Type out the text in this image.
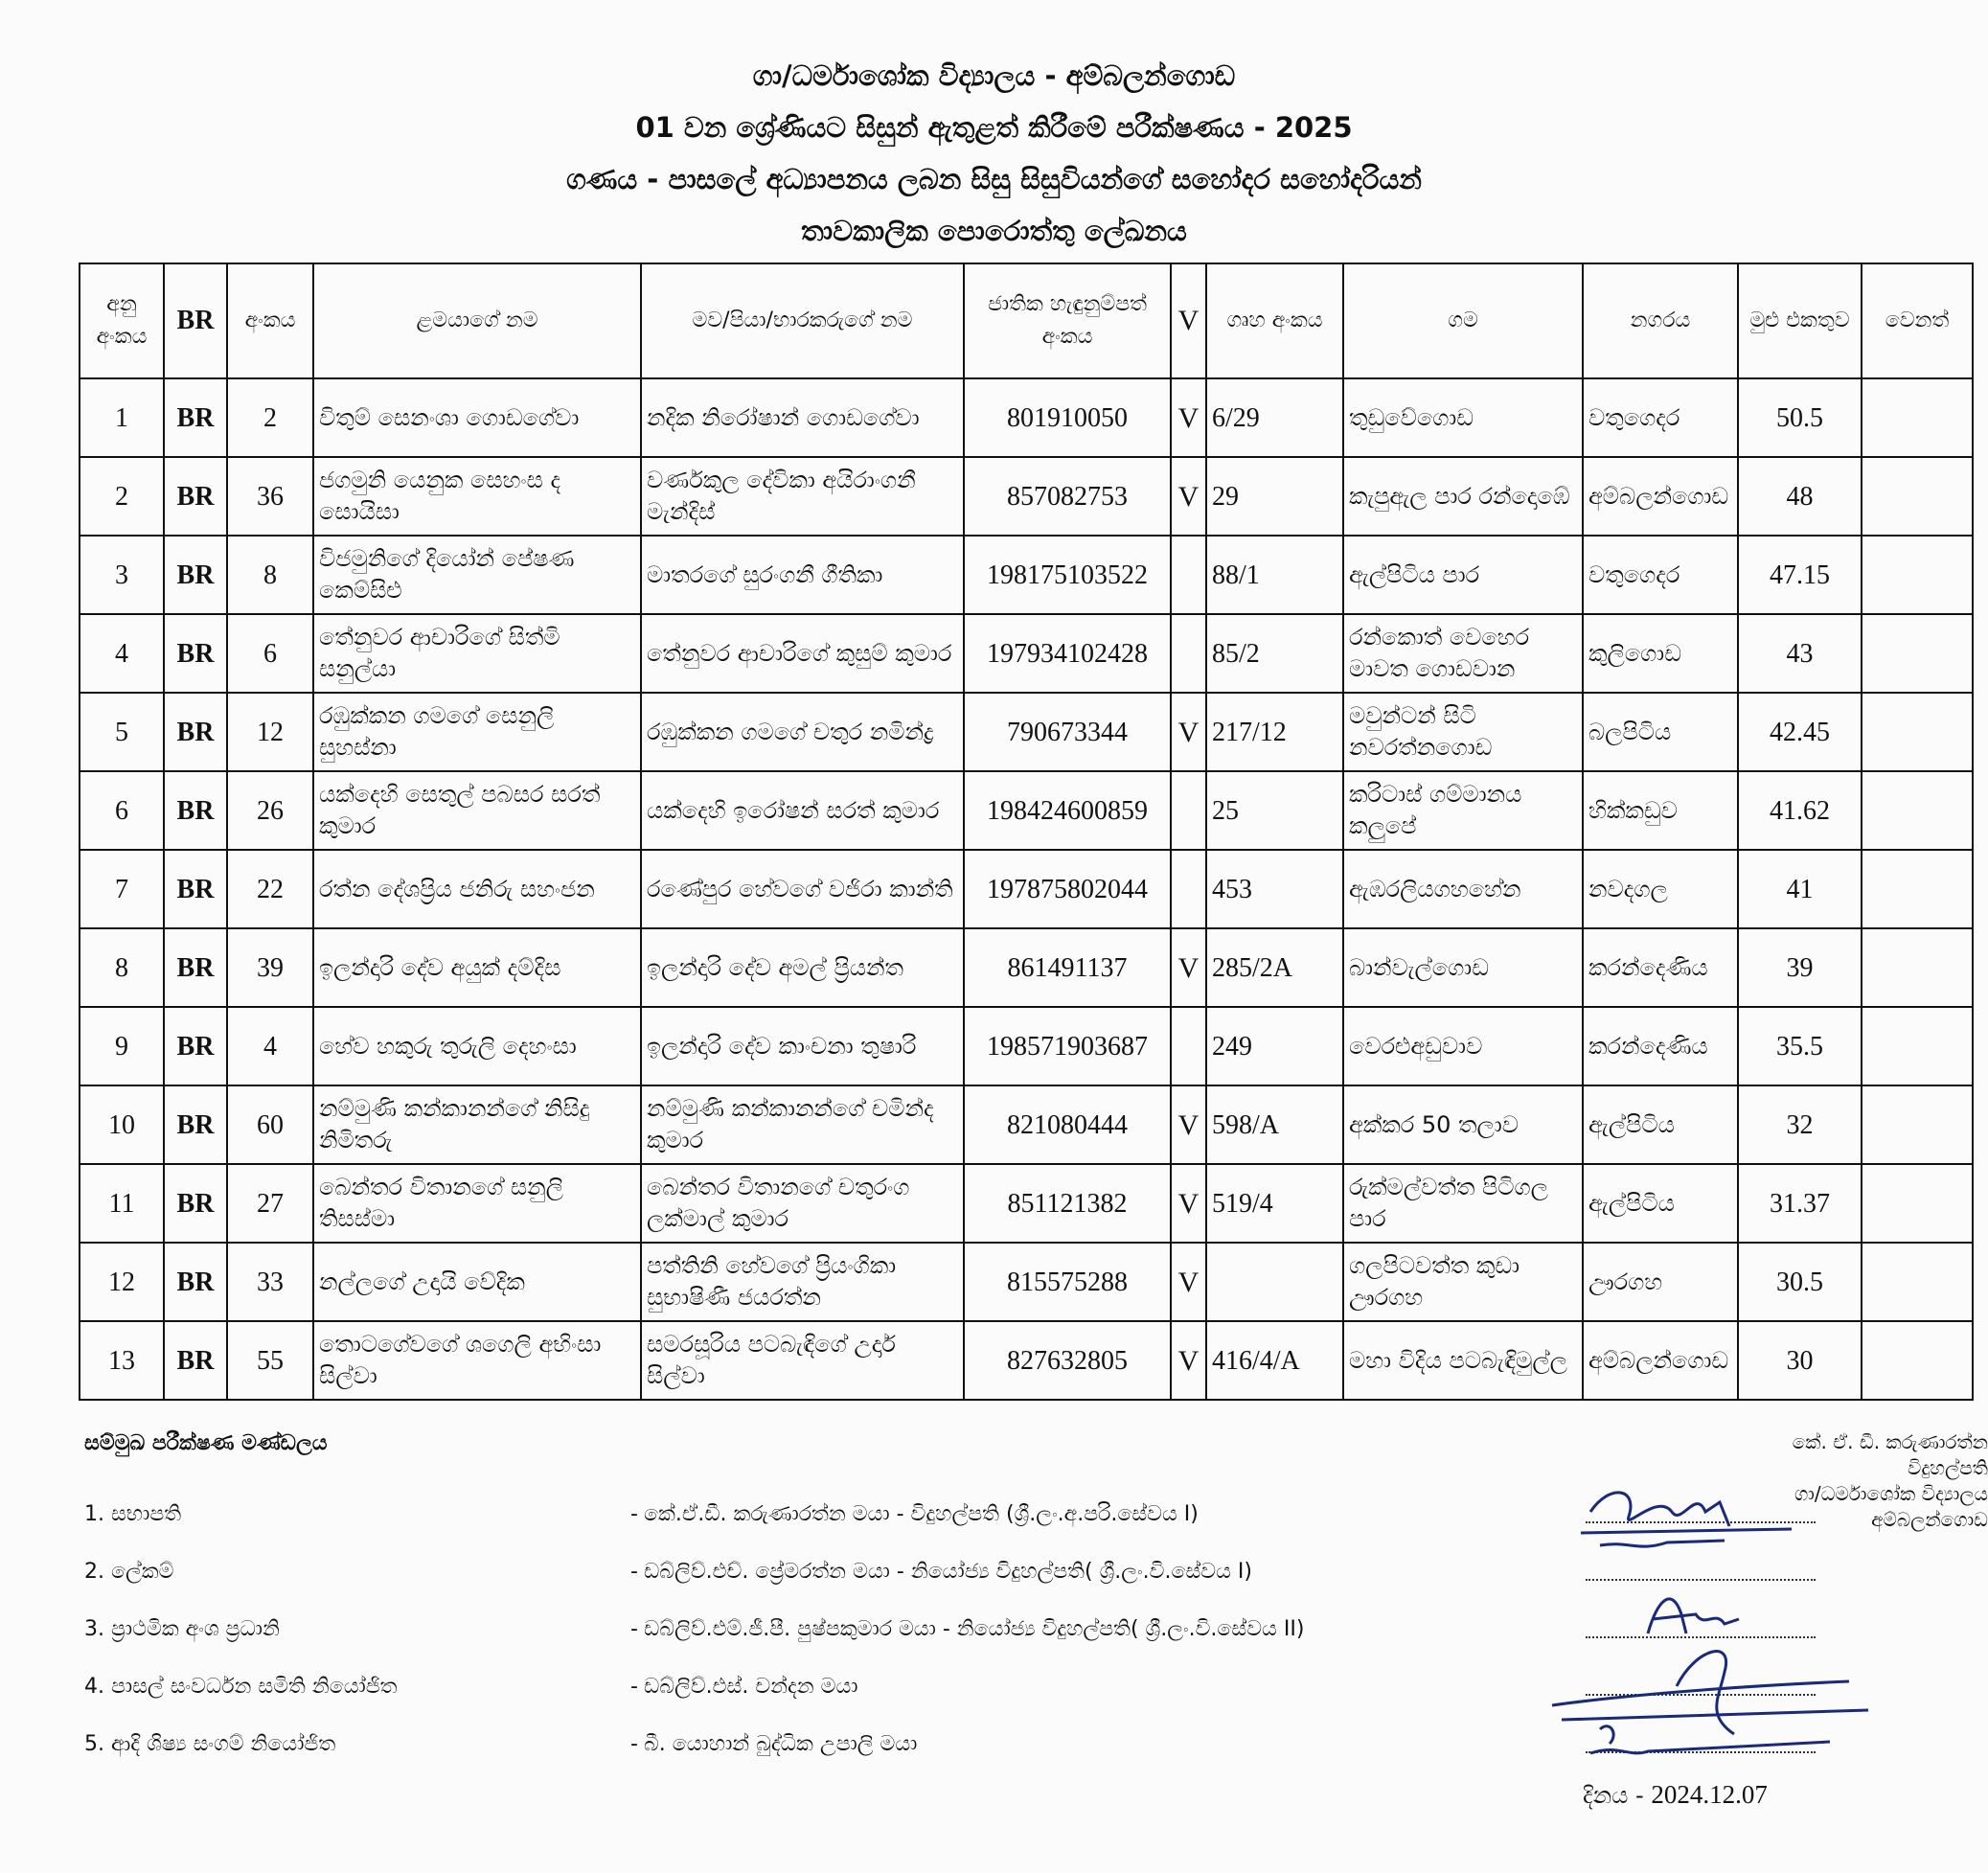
ගා/ධර්මාශෝක විද්‍යාලය - අම්බලන්ගොඩ
01 වන ශ්‍රේණියට සිසුන් ඇතුළත් කිරීමේ පරීක්ෂණය - 2025
ගණය - පාසලේ අධ්‍යාපනය ලබන සිසු සිසුවියන්ගේ සහෝදර සහෝදරියන්
තාවකාලික පොරොත්තු ලේඛනය
අනු අංකය	BR	අංකය	ළමයාගේ නම	මව/පියා/භාරකරුගේ නම	ජාතික හැඳුනුම්පත් අංකය	V	ගෘහ අංකය	ගම	නගරය	මුළු එකතුව	වෙනත්
1	BR	2	විතුම් සෙනංශා ගොඩගේවා	නදික නිරෝෂාන් ගොඩගේවා	801910050	V	6/29	තුඩුවේගොඩ	වතුගෙදර	50.5	
2	BR	36	ජගමුනි යෙනුක සෙහංස ද සොයිසා	වර්ණකුල දේවිකා අයිරාංගනී මැන්දිස්	857082753	V	29	කැපුඇල පාර රන්දොඹේ	අම්බලන්ගොඩ	48	
3	BR	8	විජමුනිගේ දියෝන් පේෂණ කෙම්සිළු	මාතරගේ සුරංගනී ගීතිකා	198175103522		88/1	ඇල්පිටිය පාර	වතුගෙදර	47.15	
4	BR	6	තේනුවර ආචාරිගේ සිත්මි සනුල්යා	තේනුවර ආචාරිගේ කුසුම් කුමාර	197934102428		85/2	රන්කොත් වෙහෙර මාවත ගොඩවාන	කුලිගොඩ	43	
5	BR	12	රඹුක්කන ගමගේ සෙනුලි සුහස්නා	රඹුක්කන ගමගේ චතුර නමින්ද්‍ර	790673344	V	217/12	මවුන්ටන් සිටි නවරත්නගොඩ	බලපිටිය	42.45	
6	BR	26	යක්දෙහි සෙතුල් පබසර සරත් කුමාර	යක්දෙහි ඉරෝෂන් සරත් කුමාර	198424600859		25	කරිටාස් ගම්මානය කලුපේ	හික්කඩුව	41.62	
7	BR	22	රත්න දේශප්‍රිය ජනිරු සහංජන	රණේපුර හේවගේ වජිරා කාන්ති	197875802044		453	ඇඹරලියගහහේන	නවදගල	41	
8	BR	39	ඉලන්දාරි දේව අයුක් දම්දිස	ඉලන්දාරි දේව අමල් ප්‍රියන්ත	861491137	V	285/2A	බාන්වැල්ගොඩ	කරන්දෙණිය	39	
9	BR	4	හේව හකුරු තුරුලි දෙහංසා	ඉලන්දාරි දේව කාංචනා තුෂාරි	198571903687		249	වෙරළුඅඩුවාව	කරන්දෙණිය	35.5	
10	BR	60	නම්මුණි කන්කානන්ගේ නිසිදු නිමිතරු	නම්මුණි කන්කානන්ගේ චමින්ද කුමාර	821080444	V	598/A	අක්කර 50 තලාව	ඇල්පිටිය	32	
11	BR	27	බෙන්තර විතානගේ සනුලි තිසස්මා	බෙන්තර විතානගේ චතුරංග ලක්මාල් කුමාර	851121382	V	519/4	රුක්මල්වත්ත පිටිගල පාර	ඇල්පිටිය	31.37	
12	BR	33	නල්ලගේ උදායි වේදික	පත්තිනි හේවගේ ප්‍රියංගිකා සුභාෂිණී ජයරත්න	815575288	V		ගලපිටවත්ත කුඩා ඌරගහ	ඌරගහ	30.5	
13	BR	55	තොටගේවගේ ශගෙලි අභිංසා සිල්වා	සමරසූරිය පටබැඳිගේ උදාර් සිල්වා	827632805	V	416/4/A	මහා විදිය පටබැඳිමුල්ල	අම්බලන්ගොඩ	30	
සම්මුඛ පරීක්ෂණ මණ්ඩලය
1. සභාපති	- කේ.ඒ.ඩී. කරුණාරත්න මයා - විදුහල්පති (ශ්‍රී.ලං.අ.පරි.සේවය I)
2. ලේකම්	- ඩබ්ලිව්.එච්. ප්‍රේමරත්න මයා - නියෝජ්‍ය විදුහල්පති( ශ්‍රී.ලං.වි.සේවය I)
3. ප්‍රාථමික අංශ ප්‍රධානි	- ඩබ්ලිව්.එම්.ජී.පී. පුෂ්පකුමාර මයා - නියෝජ්‍ය විදුහල්පති( ශ්‍රී.ලං.වි.සේවය II)
4. පාසල් සංවර්ධන සමිති නියෝජිත	- ඩබ්ලිව්.එස්. චන්දන මයා
5. ආදි ශිෂ්‍ය සංගම් නියෝජිත	- බී. යොහාන් බුද්ධික උපාලි මයා
කේ. ඒ. ඩී. කරුණාරත්න
විදුහල්පති
ගා/ධර්මාශෝක විද්‍යාලය
අම්බලන්ගොඩ
දිනය - 2024.12.07
